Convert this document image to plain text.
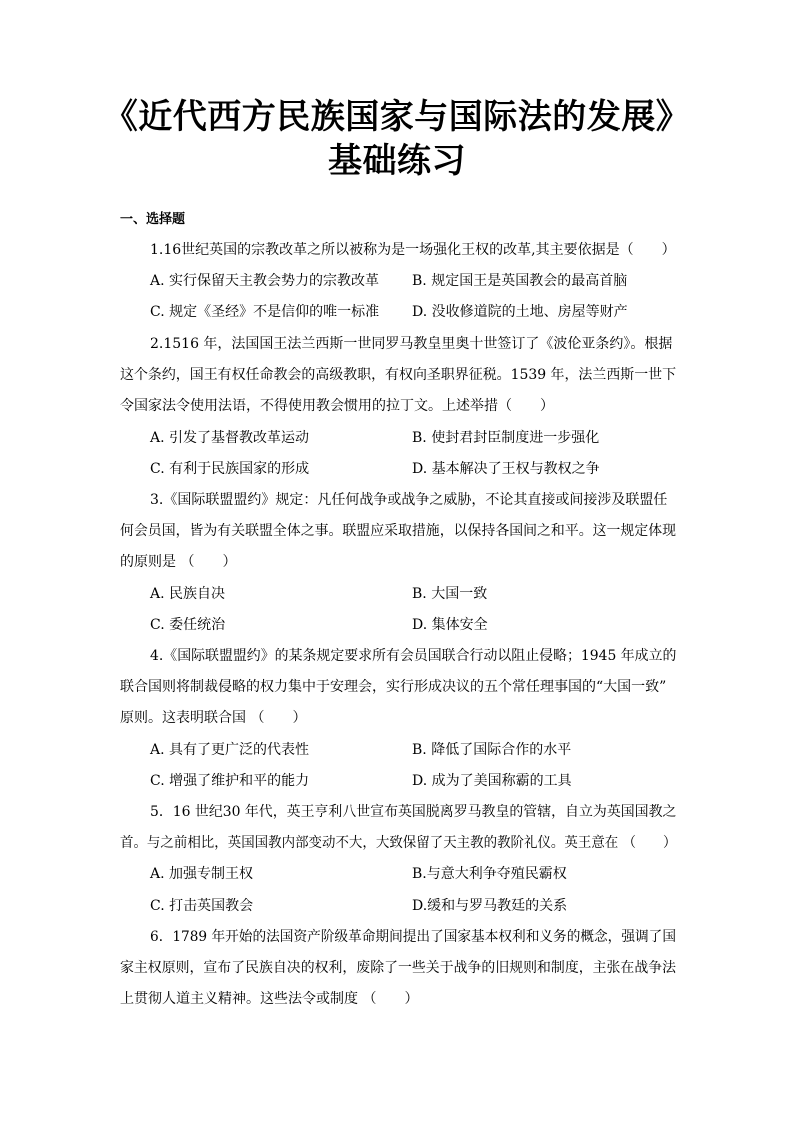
《近代西方民族国家与国际法的发展》
基础练习
一、选择题
1.16世纪英国的宗教改革之所以被称为是一场强化王权的改革,其主要依据是（　　）
A. 实行保留天主教会势力的宗教改革 B. 规定国王是英国教会的最高首脑
C. 规定《圣经》不是信仰的唯一标准 D. 没收修道院的土地、房屋等财产
2.1516 年，法国国王法兰西斯一世同罗马教皇里奥十世签订了《波伦亚条约》。根据
这个条约，国王有权任命教会的高级教职，有权向圣职界征税。1539 年，法兰西斯一世下
令国家法令使用法语，不得使用教会惯用的拉丁文。上述举措（　　）
A. 引发了基督教改革运动	B. 使封君封臣制度进一步强化
C. 有利于民族国家的形成	D. 基本解决了王权与教权之争
3.《国际联盟盟约》规定：凡任何战争或战争之威胁，不论其直接或间接涉及联盟任
何会员国，皆为有关联盟全体之事。联盟应采取措施，以保持各国间之和平。这一规定体现
的原则是 （　　）
A. 民族自决	B. 大国一致
C. 委任统治	D. 集体安全
4.《国际联盟盟约》的某条规定要求所有会员国联合行动以阻止侵略；1945 年成立的
联合国则将制裁侵略的权力集中于安理会，实行形成决议的五个常任理事国的“大国一致”
原则。这表明联合国 （　　）
A. 具有了更广泛的代表性	B. 降低了国际合作的水平
C. 增强了维护和平的能力	D. 成为了美国称霸的工具
5．16 世纪30 年代，英王亨利八世宣布英国脱离罗马教皇的管辖，自立为英国国教之
首。与之前相比，英国国教内部变动不大，大致保留了天主教的教阶礼仪。英王意在 （　　）
A. 加强专制王权	B.与意大利争夺殖民霸权
C. 打击英国教会	D.缓和与罗马教廷的关系
6．1789 年开始的法国资产阶级革命期间提出了国家基本权利和义务的概念，强调了国
家主权原则，宣布了民族自决的权利，废除了一些关于战争的旧规则和制度，主张在战争法
上贯彻人道主义精神。这些法令或制度 （　　）
